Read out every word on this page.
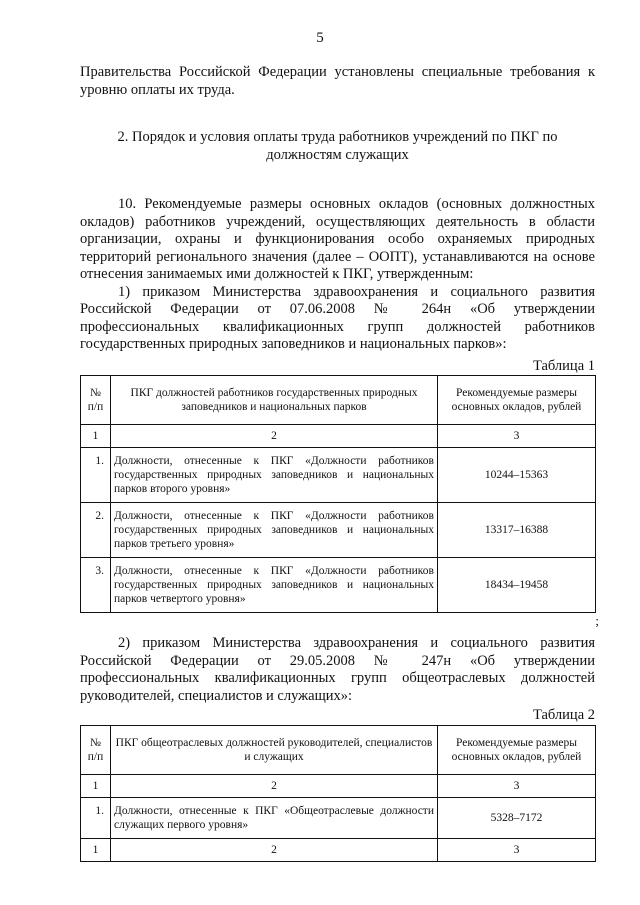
5

Правительства Российской Федерации установлены специальные требования к уровню оплаты их труда.

2. Порядок и условия оплаты труда работников учреждений по ПКГ по
должностям служащих

10. Рекомендуемые размеры основных окладов (основных должностных окладов) работников учреждений, осуществляющих деятельность в области организации, охраны и функционирования особо охраняемых природных территорий регионального значения (далее – ООПТ), устанавливаются на основе отнесения занимаемых ими должностей к ПКГ, утвержденным:

1) приказом Министерства здравоохранения и социального развития Российской Федерации от 07.06.2008 № 264н «Об утверждении профессиональных квалификационных групп должностей работников государственных природных заповедников и национальных парков»:

Таблица 1
№ п/п	ПКГ должностей работников государственных природных заповедников и национальных парков	Рекомендуемые размеры основных окладов, рублей
1	2	3
1.	Должности, отнесенные к ПКГ «Должности работников государственных природных заповедников и национальных парков второго уровня»	10244–15363
2.	Должности, отнесенные к ПКГ «Должности работников государственных природных заповедников и национальных парков третьего уровня»	13317–16388
3.	Должности, отнесенные к ПКГ «Должности работников государственных природных заповедников и национальных парков четвертого уровня»	18434–19458
;

2) приказом Министерства здравоохранения и социального развития Российской Федерации от 29.05.2008 № 247н «Об утверждении профессиональных квалификационных групп общеотраслевых должностей руководителей, специалистов и служащих»:

Таблица 2
№ п/п	ПКГ общеотраслевых должностей руководителей, специалистов и служащих	Рекомендуемые размеры основных окладов, рублей
1	2	3
1.	Должности, отнесенные к ПКГ «Общеотраслевые должности служащих первого уровня»	5328–7172
1	2	3
